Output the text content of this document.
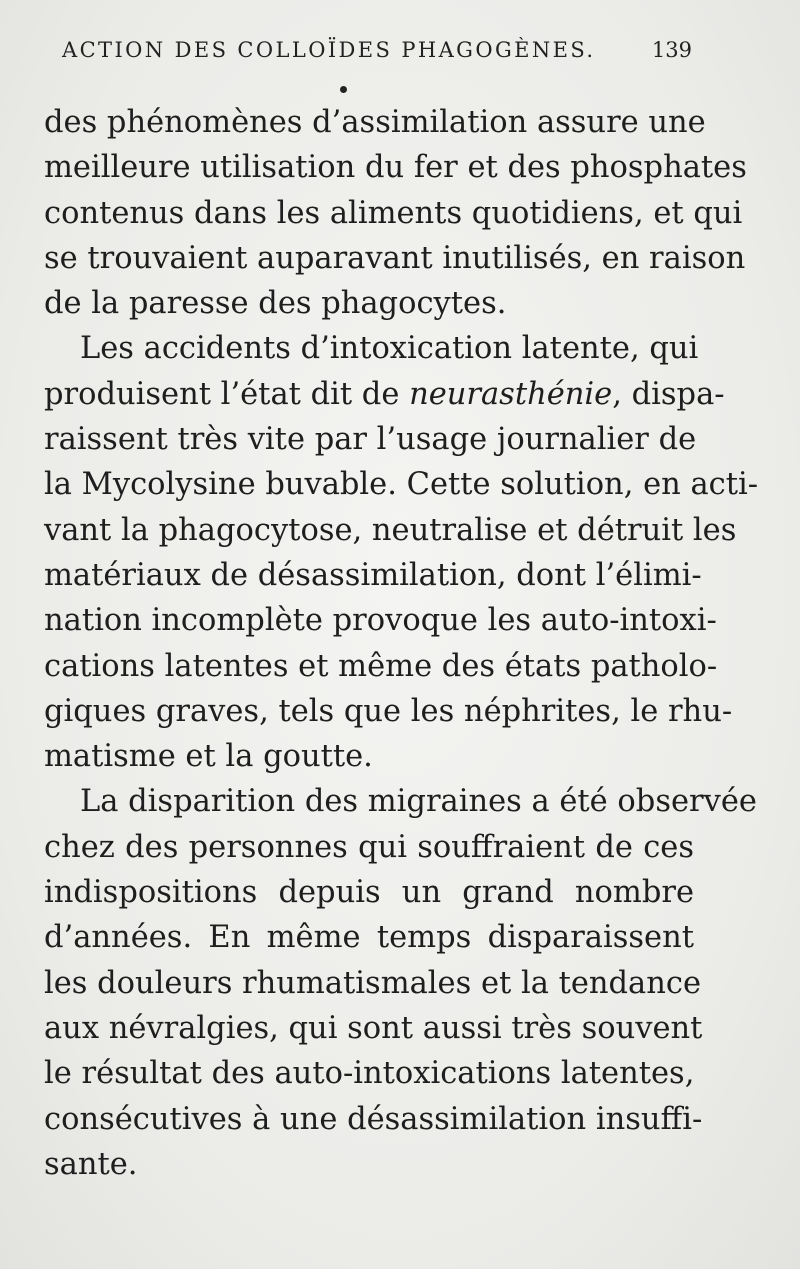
ACTION DES COLLOÏDES PHAGOGÈNES.	139
des phénomènes d’assimilation assure une
meilleure utilisation du fer et des phosphates
contenus dans les aliments quotidiens, et qui
se trouvaient auparavant inutilisés, en raison
de la paresse des phagocytes.
Les accidents d’intoxication latente, qui
produisent l’état dit de neurasthénie, dispa-
raissent très vite par l’usage journalier de
la Mycolysine buvable. Cette solution, en acti-
vant la phagocytose, neutralise et détruit les
matériaux de désassimilation, dont l’élimi-
nation incomplète provoque les auto-intoxi-
cations latentes et même des états patholo-
giques graves, tels que les néphrites, le rhu-
matisme et la goutte.
La disparition des migraines a été observée
chez des personnes qui souffraient de ces
indispositions depuis un grand nombre
d’années. En même temps disparaissent
les douleurs rhumatismales et la tendance
aux névralgies, qui sont aussi très souvent
le résultat des auto-intoxications latentes,
consécutives à une désassimilation insuffi-
sante.
